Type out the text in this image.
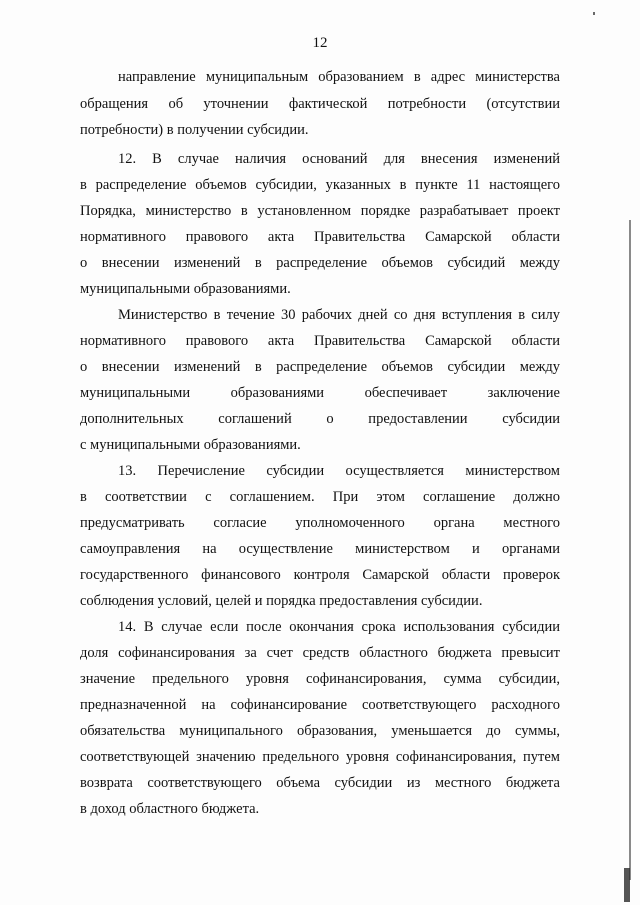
12
направление муниципальным образованием в адрес министерства
обращения об уточнении фактической потребности (отсутствии
потребности) в получении субсидии.
12. В случае наличия оснований для внесения изменений
в распределение объемов субсидии, указанных в пункте 11 настоящего
Порядка, министерство в установленном порядке разрабатывает проект
нормативного правового акта Правительства Самарской области
о внесении изменений в распределение объемов субсидий между
муниципальными образованиями.
Министерство в течение 30 рабочих дней со дня вступления в силу
нормативного правового акта Правительства Самарской области
о внесении изменений в распределение объемов субсидии между
муниципальными образованиями обеспечивает заключение
дополнительных соглашений о предоставлении субсидии
с муниципальными образованиями.
13. Перечисление субсидии осуществляется министерством
в соответствии с соглашением. При этом соглашение должно
предусматривать согласие уполномоченного органа местного
самоуправления на осуществление министерством и органами
государственного финансового контроля Самарской области проверок
соблюдения условий, целей и порядка предоставления субсидии.
14. В случае если после окончания срока использования субсидии
доля софинансирования за счет средств областного бюджета превысит
значение предельного уровня софинансирования, сумма субсидии,
предназначенной на софинансирование соответствующего расходного
обязательства муниципального образования, уменьшается до суммы,
соответствующей значению предельного уровня софинансирования, путем
возврата соответствующего объема субсидии из местного бюджета
в доход областного бюджета.
